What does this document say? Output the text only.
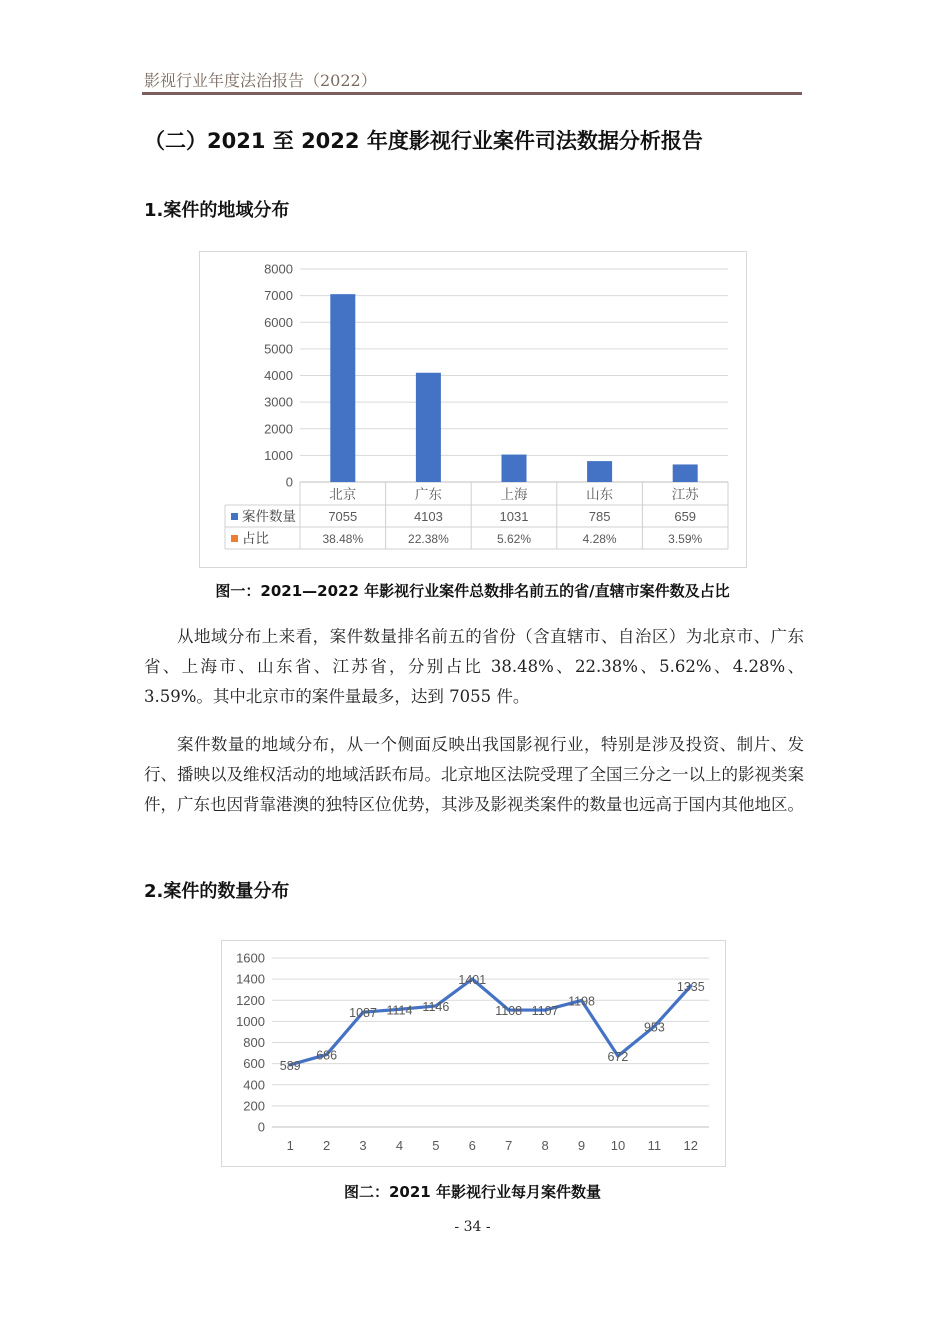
影视行业年度法治报告（2022）
（二）2021 至 2022 年度影视行业案件司法数据分析报告
1.案件的地域分布
0
1000
2000
3000
4000
5000
6000
7000
8000
北京	广东	上海	山东	江苏
案件数量 7055	4103	1031	785	659
占比	38.48%	22.38%	5.62%	4.28%	3.59%
图一：2021—2022 年影视行业案件总数排名前五的省/直辖市案件数及占比

从地域分布上来看，案件数量排名前五的省份（含直辖市、自治区）为北京市、广东省、上海市、山东省、江苏省，分别占比 38.48%、22.38%、5.62%、4.28%、3.59%。其中北京市的案件量最多，达到 7055 件。

案件数量的地域分布，从一个侧面反映出我国影视行业，特别是涉及投资、制片、发行、播映以及维权活动的地域活跃布局。北京地区法院受理了全国三分之一以上的影视类案件，广东也因背靠港澳的独特区位优势，其涉及影视类案件的数量也远高于国内其他地区。

2.案件的数量分布
0
200
400
600
800
1000
1200
1400
1600
1 2 3 4 5 6 7 8 9 10 11 12
589
686
1087 1114 1146
1401
1108 1107
1198
672
953
1335
图二：2021 年影视行业每月案件数量
- 34 -
